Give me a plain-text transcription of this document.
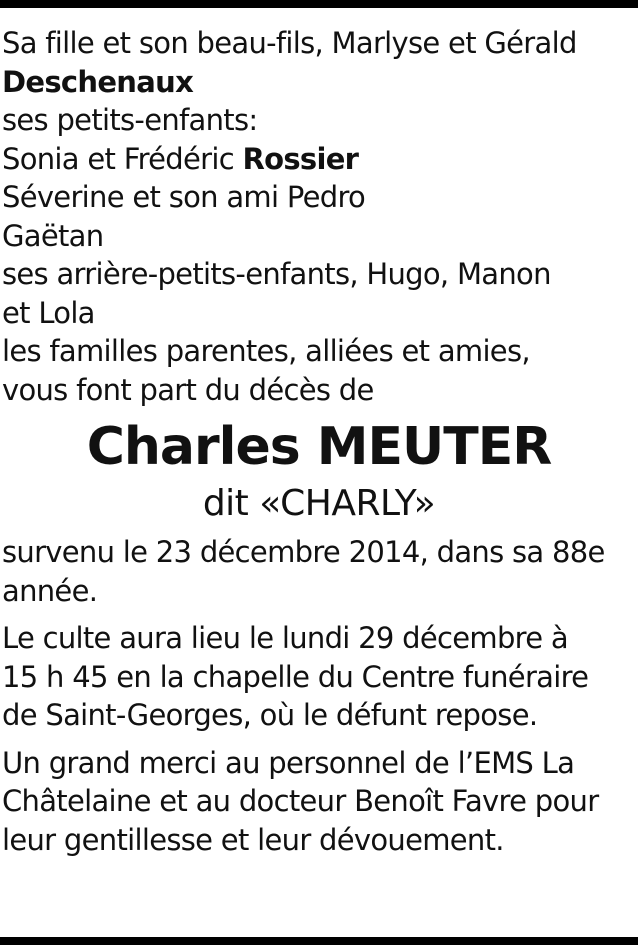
Sa fille et son beau-fils, Marlyse et Gérald
Deschenaux
ses petits-enfants:
Sonia et Frédéric Rossier
Séverine et son ami Pedro
Gaëtan
ses arrière-petits-enfants, Hugo, Manon
et Lola
les familles parentes, alliées et amies,
vous font part du décès de
Charles MEUTER
dit «CHARLY»
survenu le 23 décembre 2014, dans sa 88e
année.
Le culte aura lieu le lundi 29 décembre à
15 h 45 en la chapelle du Centre funéraire
de Saint-Georges, où le défunt repose.
Un grand merci au personnel de l’EMS La
Châtelaine et au docteur Benoît Favre pour
leur gentillesse et leur dévouement.
